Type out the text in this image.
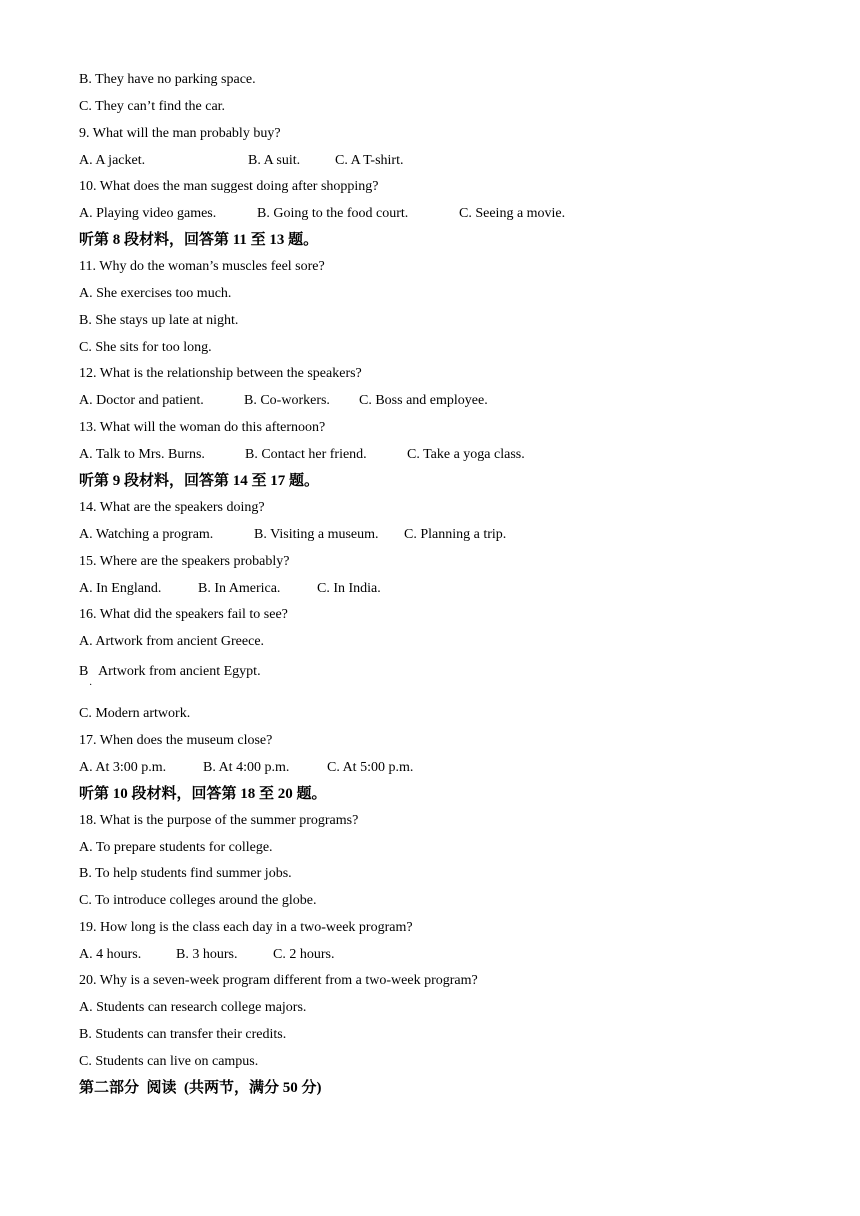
B. They have no parking space.
C. They can’t find the car.
9. What will the man probably buy?
A. A jacket.	B. A suit. C. A T-shirt.
10. What does the man suggest doing after shopping?
A. Playing video games.	B. Going to the food court.	C. Seeing a movie.
听第 8 段材料，回答第 11 至 13 题。
11. Why do the woman’s muscles feel sore?
A. She exercises too much.
B. She stays up late at night.
C. She sits for too long.
12. What is the relationship between the speakers?
A. Doctor and patient.	B. Co-workers. C. Boss and employee.
13. What will the woman do this afternoon?
A. Talk to Mrs. Burns.	B. Contact her friend.	C. Take a yoga class.
听第 9 段材料，回答第 14 至 17 题。
14. What are the speakers doing?
A. Watching a program.	B. Visiting a museum. C. Planning a trip.
15. Where are the speakers probably?
A. In England.	B. In America.	C. In India.
16. What did the speakers fail to see?
A. Artwork from ancient Greece.
B   Artwork from ancient Egypt.
·
C. Modern artwork.
17. When does the museum close?
A. At 3:00 p.m.	B. At 4:00 p.m.	C. At 5:00 p.m.
听第 10 段材料，回答第 18 至 20 题。
18. What is the purpose of the summer programs?
A. To prepare students for college.
B. To help students find summer jobs.
C. To introduce colleges around the globe.
19. How long is the class each day in a two-week program?
A. 4 hours. B. 3 hours.	C. 2 hours.
20. Why is a seven-week program different from a two-week program?
A. Students can research college majors.
B. Students can transfer their credits.
C. Students can live on campus.
第二部分  阅读  (共两节，满分 50 分)
